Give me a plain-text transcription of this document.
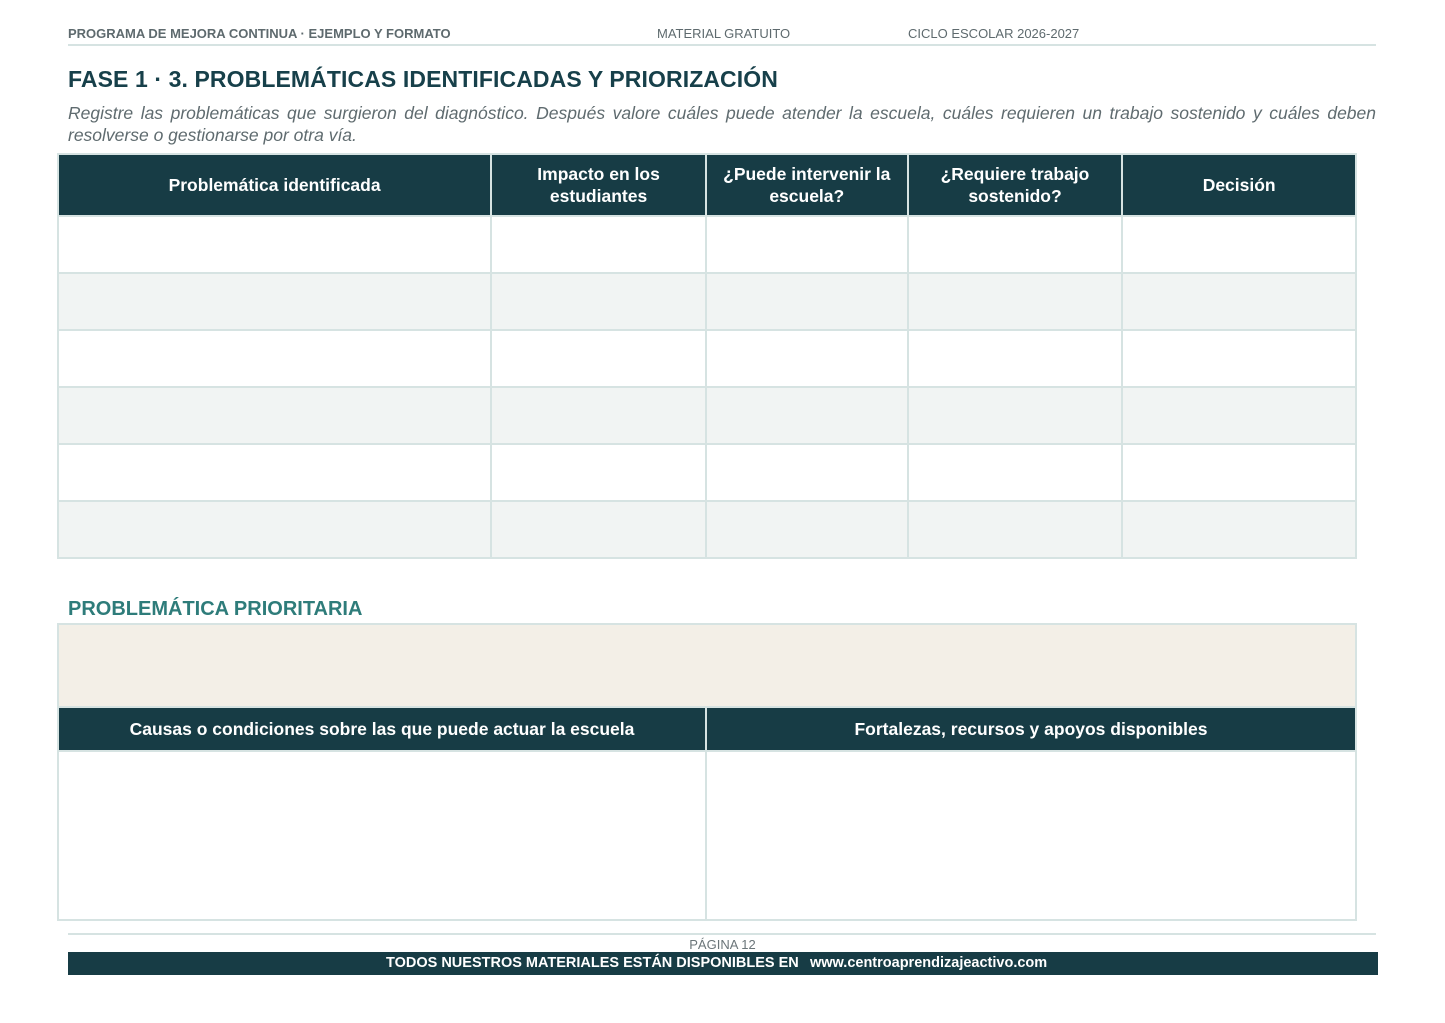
PROGRAMA DE MEJORA CONTINUA · EJEMPLO Y FORMATO	MATERIAL GRATUITO	CICLO ESCOLAR 2026-2027
FASE 1 · 3. PROBLEMÁTICAS IDENTIFICADAS Y PRIORIZACIÓN
Registre las problemáticas que surgieron del diagnóstico. Después valore cuáles puede atender la escuela, cuáles requieren un trabajo sostenido y cuáles deben resolverse o gestionarse por otra vía.
Problemática identificada	Impacto en los estudiantes	¿Puede intervenir la escuela?	¿Requiere trabajo sostenido?	Decisión

PROBLEMÁTICA PRIORITARIA
Causas o condiciones sobre las que puede actuar la escuela	Fortalezas, recursos y apoyos disponibles

PÁGINA 12
TODOS NUESTROS MATERIALES ESTÁN DISPONIBLES EN www.centroaprendizajeactivo.com
